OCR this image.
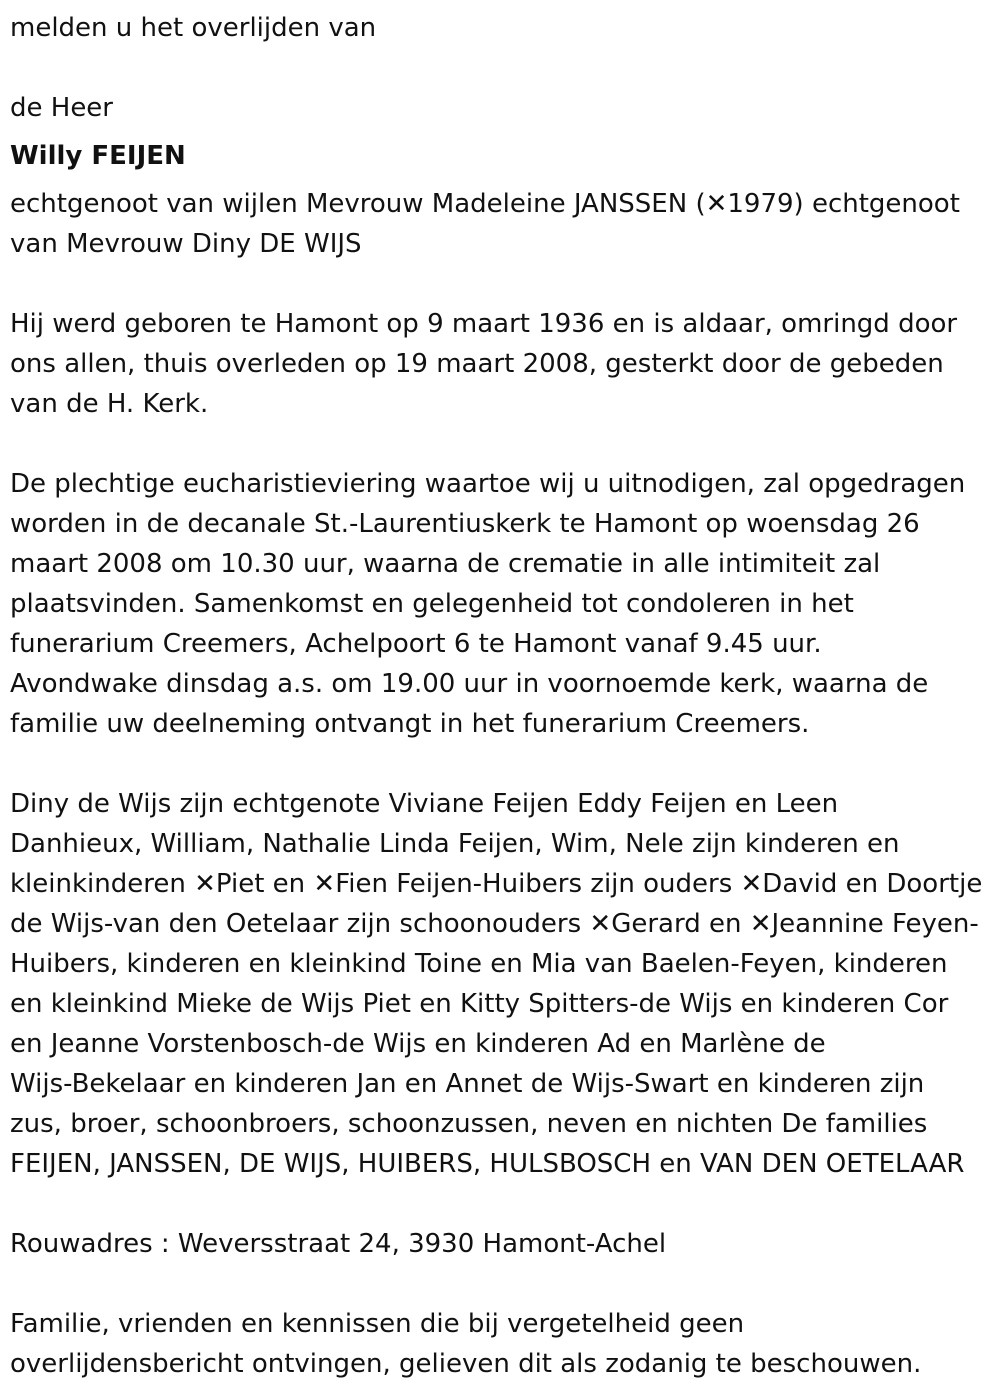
melden u het overlijden van
de Heer
Willy FEIJEN
echtgenoot van wijlen Mevrouw Madeleine JANSSEN (✕1979) echtgenoot
van Mevrouw Diny DE WIJS
Hij werd geboren te Hamont op 9 maart 1936 en is aldaar, omringd door
ons allen, thuis overleden op 19 maart 2008, gesterkt door de gebeden
van de H. Kerk.
De plechtige eucharistieviering waartoe wij u uitnodigen, zal opgedragen
worden in de decanale St.-Laurentiuskerk te Hamont op woensdag 26
maart 2008 om 10.30 uur, waarna de crematie in alle intimiteit zal
plaatsvinden. Samenkomst en gelegenheid tot condoleren in het
funerarium Creemers, Achelpoort 6 te Hamont vanaf 9.45 uur.
Avondwake dinsdag a.s. om 19.00 uur in voornoemde kerk, waarna de
familie uw deelneming ontvangt in het funerarium Creemers.
Diny de Wijs zijn echtgenote Viviane Feijen Eddy Feijen en Leen
Danhieux, William, Nathalie Linda Feijen, Wim, Nele zijn kinderen en
kleinkinderen ✕Piet en ✕Fien Feijen-Huibers zijn ouders ✕David en Doortje
de Wijs-van den Oetelaar zijn schoonouders ✕Gerard en ✕Jeannine Feyen-
Huibers, kinderen en kleinkind Toine en Mia van Baelen-Feyen, kinderen
en kleinkind Mieke de Wijs Piet en Kitty Spitters-de Wijs en kinderen Cor
en Jeanne Vorstenbosch-de Wijs en kinderen Ad en Marlène de
Wijs-Bekelaar en kinderen Jan en Annet de Wijs-Swart en kinderen zijn
zus, broer, schoonbroers, schoonzussen, neven en nichten De families
FEIJEN, JANSSEN, DE WIJS, HUIBERS, HULSBOSCH en VAN DEN OETELAAR
Rouwadres : Weversstraat 24, 3930 Hamont-Achel
Familie, vrienden en kennissen die bij vergetelheid geen
overlijdensbericht ontvingen, gelieven dit als zodanig te beschouwen.
